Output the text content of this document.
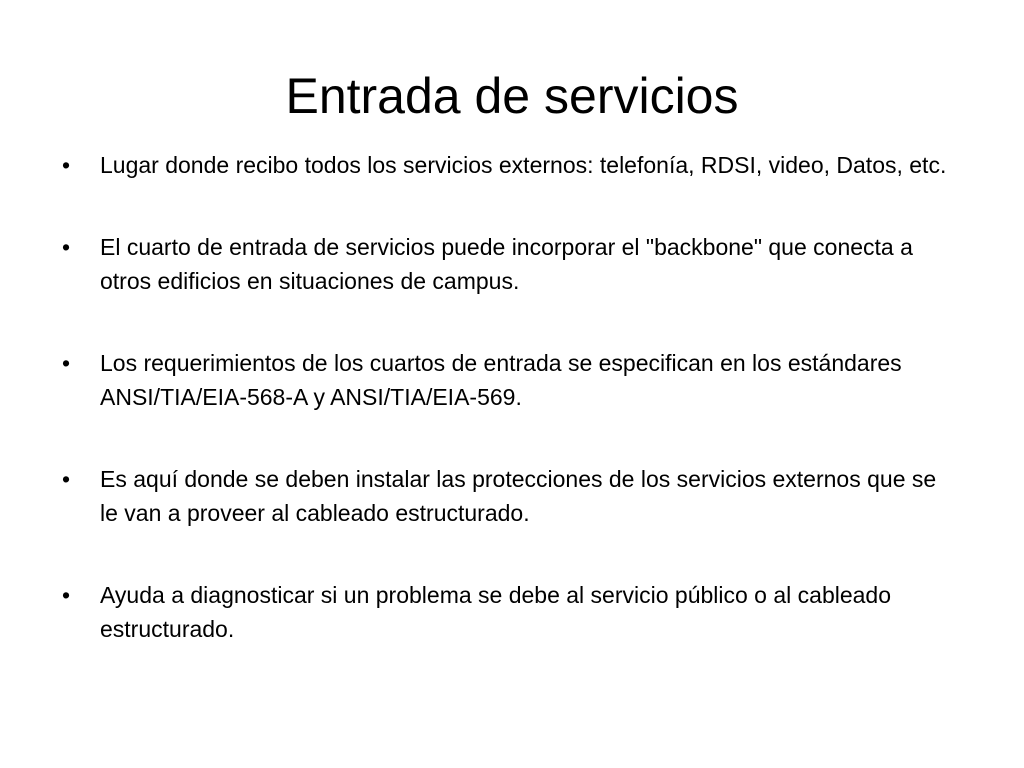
Entrada de servicios
• Lugar donde recibo todos los servicios externos: telefonía, RDSI, video, Datos, etc.
• El cuarto de entrada de servicios puede incorporar el "backbone" que conecta a otros edificios en situaciones de campus.
• Los requerimientos de los cuartos de entrada se especifican en los estándares ANSI/TIA/EIA-568-A y ANSI/TIA/EIA-569.
• Es aquí donde se deben instalar las protecciones de los servicios externos que se le van a proveer al cableado estructurado.
• Ayuda a diagnosticar si un problema se debe al servicio público o al cableado estructurado.
